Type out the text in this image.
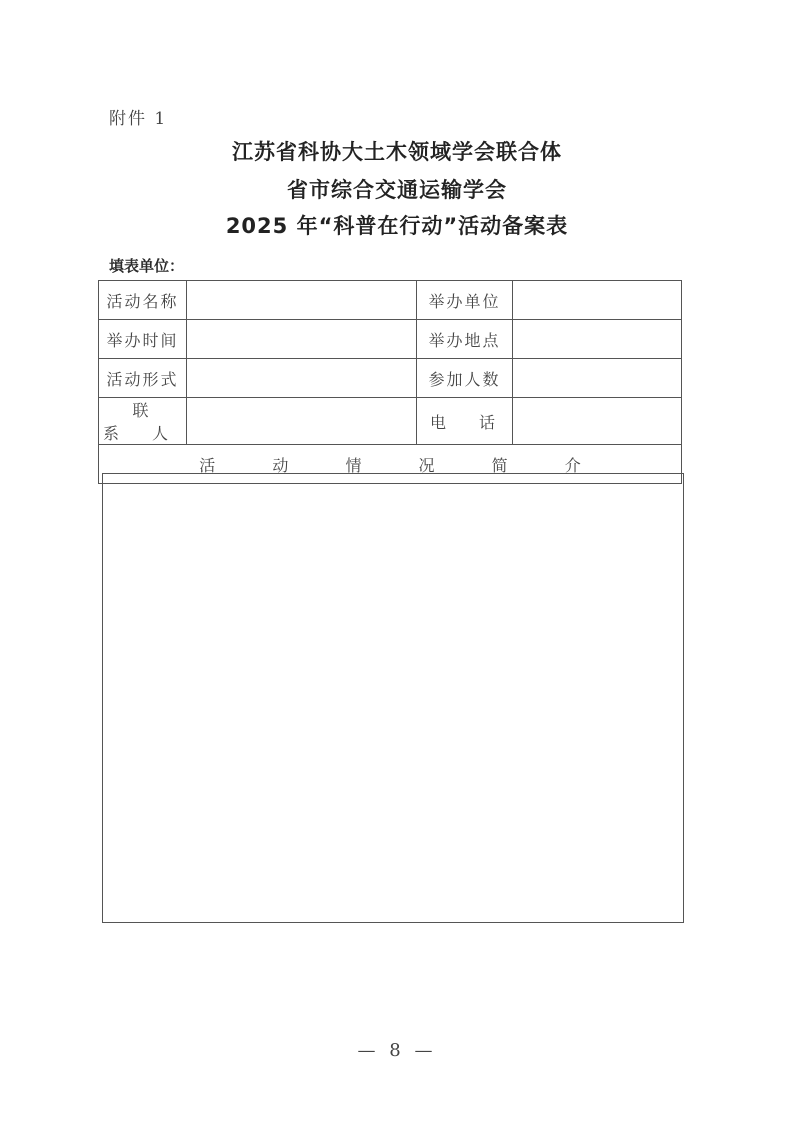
附件 1
江苏省科协大土木领域学会联合体
省市综合交通运输学会
2025 年“科普在行动”活动备案表
填表单位：
活动名称		举办单位	
举办时间		举办地点	
活动形式		参加人数	
联 系 人		电 话	
活 动 情 况 简 介			
— 8 —
